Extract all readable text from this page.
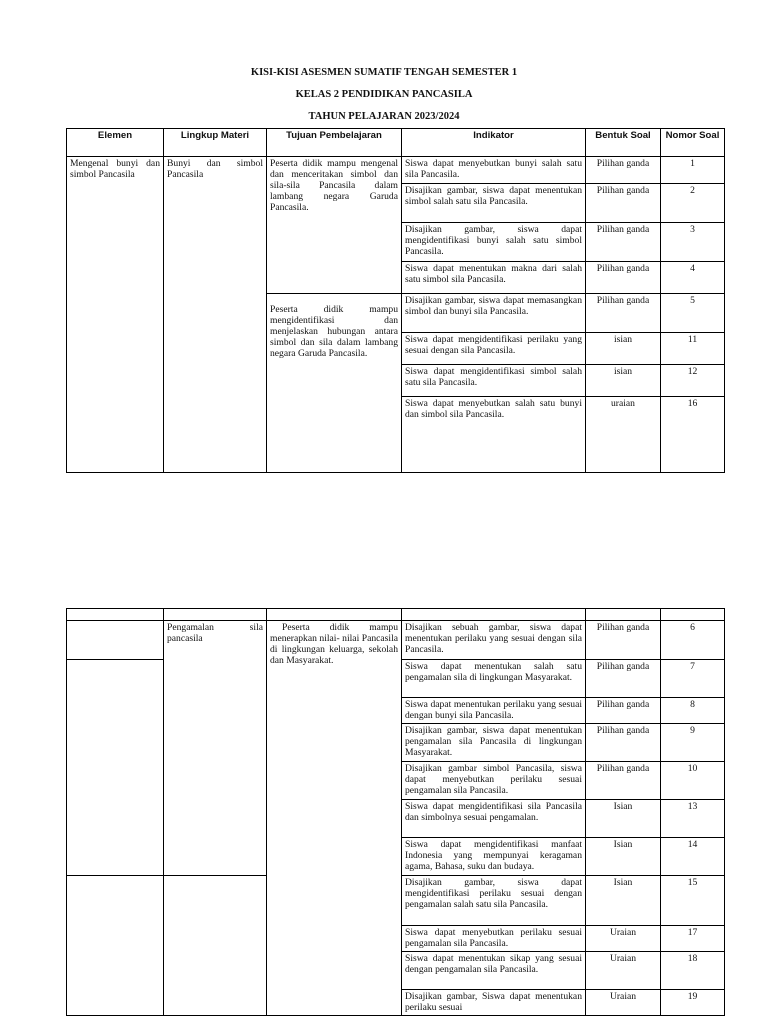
KISI-KISI ASESMEN SUMATIF TENGAH SEMESTER 1
KELAS 2 PENDIDIKAN PANCASILA
TAHUN PELAJARAN 2023/2024
Elemen	Lingkup Materi	Tujuan Pembelajaran	Indikator	Bentuk Soal	Nomor Soal
Mengenal bunyi dan simbol Pancasila	Bunyi dan simbol Pancasila	Peserta didik mampu mengenal dan menceritakan simbol dan sila-sila Pancasila dalam lambang negara Garuda Pancasila.	Siswa dapat menyebutkan bunyi salah satu sila Pancasila.	Pilihan ganda	1
			Disajikan gambar, siswa dapat menentukan simbol salah satu sila Pancasila.	Pilihan ganda	2
			Disajikan gambar, siswa dapat mengidentifikasi bunyi salah satu simbol Pancasila.	Pilihan ganda	3
			Siswa dapat menentukan makna dari salah satu simbol sila Pancasila.	Pilihan ganda	4
		Peserta didik mampu mengidentifikasi dan menjelaskan hubungan antara simbol dan sila dalam lambang negara Garuda Pancasila.	Disajikan gambar, siswa dapat memasangkan simbol dan bunyi sila Pancasila.	Pilihan ganda	5
			Siswa dapat mengidentifikasi perilaku yang sesuai dengan sila Pancasila.	isian	11
			Siswa dapat mengidentifikasi simbol salah satu sila Pancasila.	isian	12
			Siswa dapat menyebutkan salah satu bunyi dan simbol sila Pancasila.	uraian	16

	Pengamalan sila pancasila	Peserta didik mampu menerapkan nilai- nilai Pancasila di lingkungan keluarga, sekolah dan Masyarakat.	Disajikan sebuah gambar, siswa dapat menentukan perilaku yang sesuai dengan sila Pancasila.	Pilihan ganda	6
			Siswa dapat menentukan salah satu pengamalan sila di lingkungan Masyarakat.	Pilihan ganda	7
			Siswa dapat menentukan perilaku yang sesuai dengan bunyi sila Pancasila.	Pilihan ganda	8
			Disajikan gambar, siswa dapat menentukan pengamalan sila Pancasila di lingkungan Masyarakat.	Pilihan ganda	9
			Disajikan gambar simbol Pancasila, siswa dapat menyebutkan perilaku sesuai pengamalan sila Pancasila.	Pilihan ganda	10
			Siswa dapat mengidentifikasi sila Pancasila dan simbolnya sesuai pengamalan.	Isian	13
			Siswa dapat mengidentifikasi manfaat Indonesia yang mempunyai keragaman agama, Bahasa, suku dan budaya.	Isian	14
			Disajikan gambar, siswa dapat mengidentifikasi perilaku sesuai dengan pengamalan salah satu sila Pancasila.	Isian	15
			Siswa dapat menyebutkan perilaku sesuai pengamalan sila Pancasila.	Uraian	17
			Siswa dapat menentukan sikap yang sesuai dengan pengamalan sila Pancasila.	Uraian	18
			Disajikan gambar, Siswa dapat menentukan perilaku sesuai	Uraian	19
